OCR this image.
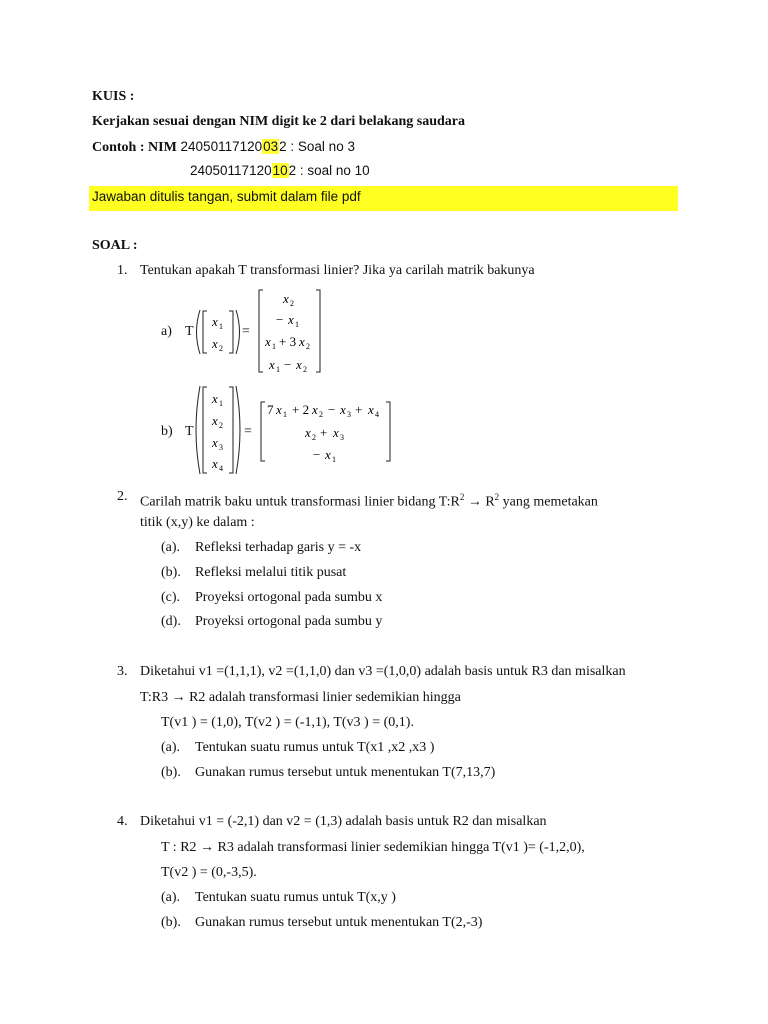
KUIS :
Kerjakan sesuai dengan NIM digit ke 2 dari belakang saudara
Contoh : NIM 24050117120032 : Soal no 3
24050117120102 : soal no 10
Jawaban ditulis tangan, submit dalam file pdf
SOAL :
1. Tentukan apakah T transformasi linier? Jika ya carilah matrik bakunya
a) T	=
x 1
x 2
x 2
− x 1
x 1 + 3 x 2
x 1 − x 2
x 1
x 2
x 3
x 4
7 x 1 + 2 x 2 − x 3 + x 4
x 2 + x 3
− x 1
b) T	=
2. Carilah matrik baku untuk transformasi linier bidang $T:R^2 \to R^2$ yang memetakan
titik (x,y) ke dalam :
(a). Refleksi terhadap garis y = -x
(b). Refleksi melalui titik pusat
(c). Proyeksi ortogonal pada sumbu x
(d). Proyeksi ortogonal pada sumbu y
3. Diketahui v1 =(1,1,1), v2 =(1,1,0) dan v3 =(1,0,0) adalah basis untuk R3 dan misalkan
T:R3 → R2 adalah transformasi linier sedemikian hingga
T(v1 ) = (1,0), T(v2 ) = (-1,1), T(v3 ) = (0,1).
(a). Tentukan suatu rumus untuk T(x1 ,x2 ,x3 )
(b). Gunakan rumus tersebut untuk menentukan T(7,13,7)
4. Diketahui v1 = (-2,1) dan v2 = (1,3) adalah basis untuk R2 dan misalkan
T : R2 → R3 adalah transformasi linier sedemikian hingga T(v1 )= (-1,2,0),
T(v2 ) = (0,-3,5).
(a). Tentukan suatu rumus untuk T(x,y )
(b). Gunakan rumus tersebut untuk menentukan T(2,-3)
